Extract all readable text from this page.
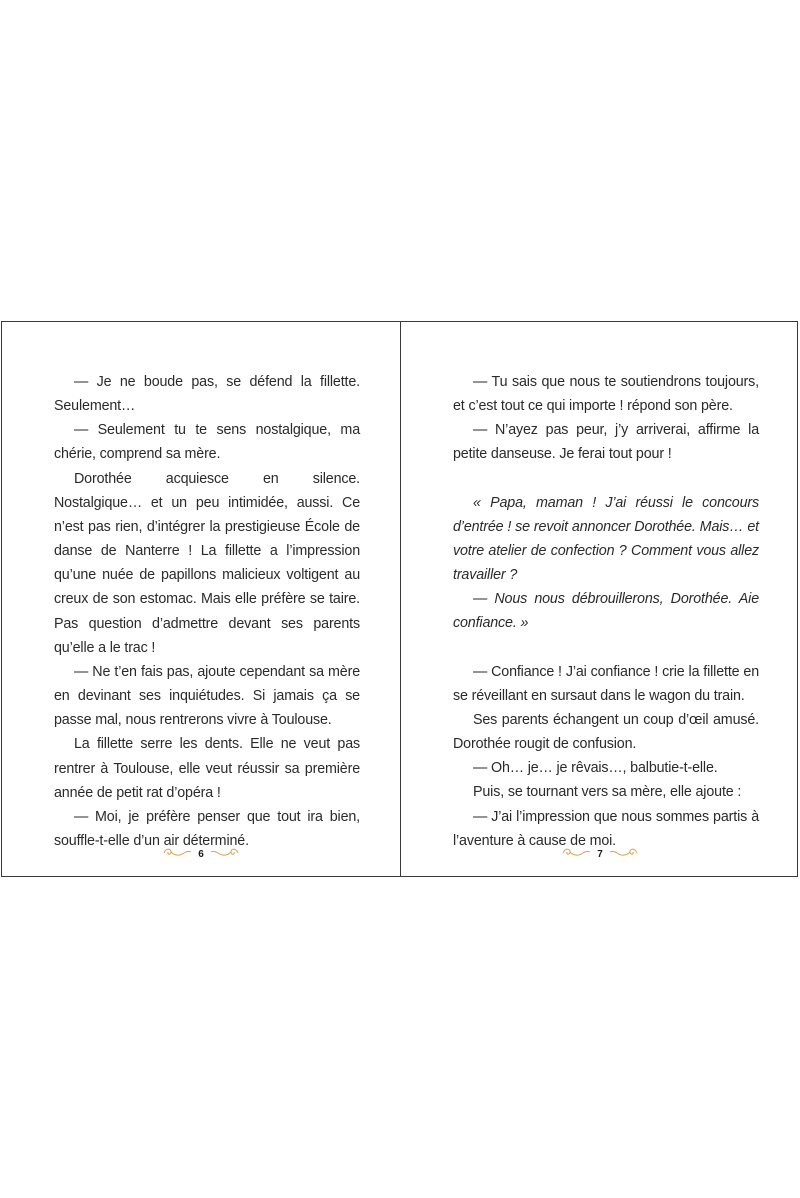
— Je ne boude pas, se défend la fillette. Seulement…

— Seulement tu te sens nostalgique, ma chérie, comprend sa mère.

Dorothée acquiesce en silence. Nostalgique… et un peu intimidée, aussi. Ce n’est pas rien, d’intégrer la prestigieuse École de danse de Nanterre ! La fillette a l’impression qu’une nuée de papillons malicieux voltigent au creux de son estomac. Mais elle préfère se taire. Pas question d’admettre devant ses parents qu’elle a le trac !

— Ne t’en fais pas, ajoute cependant sa mère en devinant ses inquiétudes. Si jamais ça se passe mal, nous rentrerons vivre à Toulouse.

La fillette serre les dents. Elle ne veut pas rentrer à Toulouse, elle veut réussir sa première année de petit rat d’opéra !

— Moi, je préfère penser que tout ira bien, souffle-t-elle d’un air déterminé.

6

— Tu sais que nous te soutiendrons toujours, et c’est tout ce qui importe ! répond son père.

— N’ayez pas peur, j’y arriverai, affirme la petite danseuse. Je ferai tout pour !

« Papa, maman ! J’ai réussi le concours d’entrée ! se revoit annoncer Dorothée. Mais… et votre atelier de confection ? Comment vous allez travailler ?

— Nous nous débrouillerons, Dorothée. Aie confiance. »

— Confiance ! J’ai confiance ! crie la fillette en se réveillant en sursaut dans le wagon du train.

Ses parents échangent un coup d’œil amusé. Dorothée rougit de confusion.

— Oh… je… je rêvais…, balbutie-t-elle.

Puis, se tournant vers sa mère, elle ajoute :

— J’ai l’impression que nous sommes partis à l’aventure à cause de moi.

7
